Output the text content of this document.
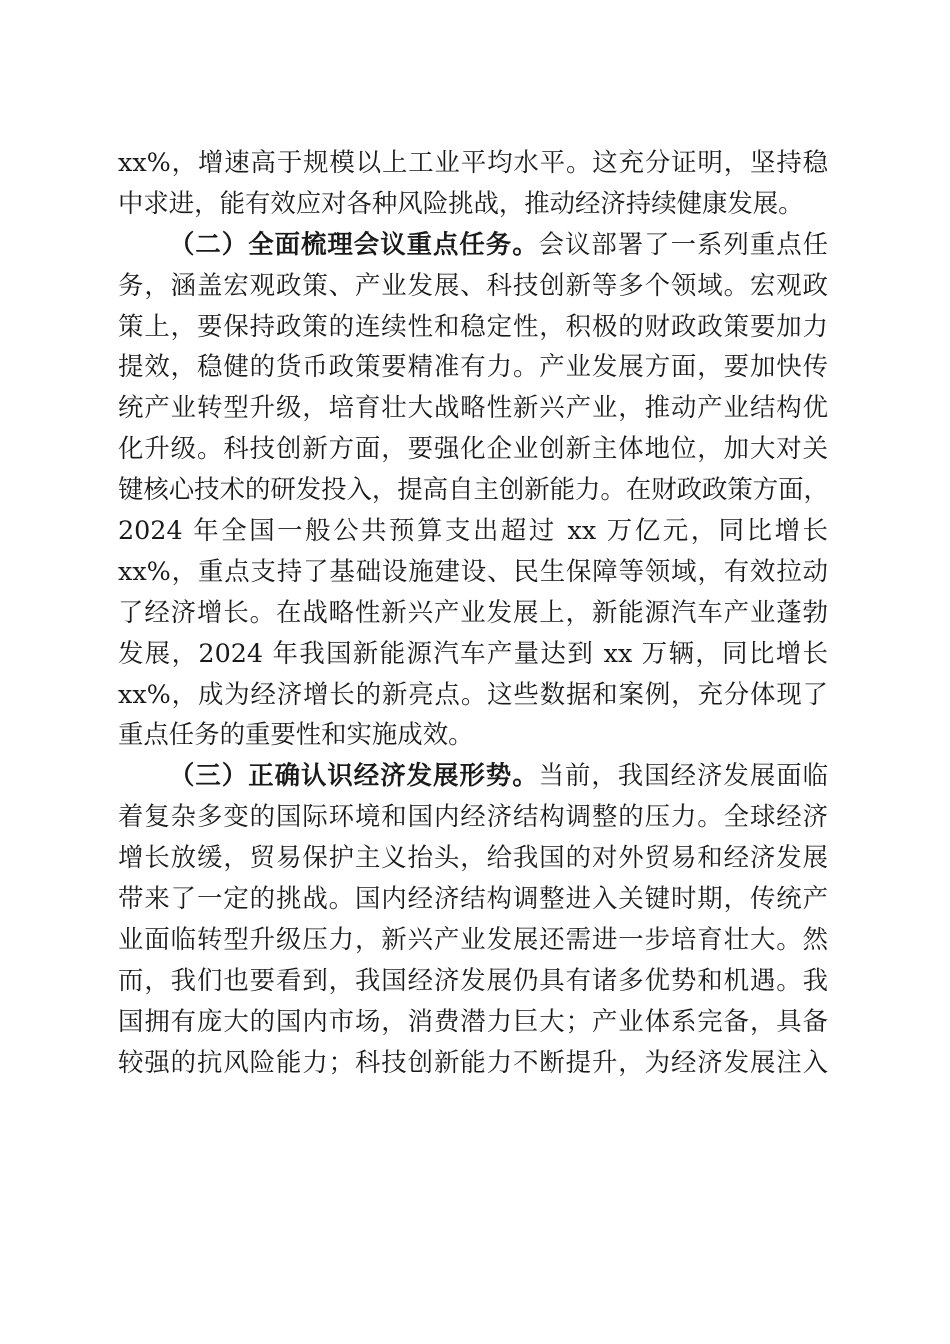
xx%，增速高于规模以上工业平均水平。这充分证明，坚持稳
中求进，能有效应对各种风险挑战，推动经济持续健康发展。
（二）全面梳理会议重点任务。会议部署了一系列重点任
务，涵盖宏观政策、产业发展、科技创新等多个领域。宏观政
策上，要保持政策的连续性和稳定性，积极的财政政策要加力
提效，稳健的货币政策要精准有力。产业发展方面，要加快传
统产业转型升级，培育壮大战略性新兴产业，推动产业结构优
化升级。科技创新方面，要强化企业创新主体地位，加大对关
键核心技术的研发投入，提高自主创新能力。在财政政策方面，
2024 年全国一般公共预算支出超过 xx 万亿元，同比增长
xx%，重点支持了基础设施建设、民生保障等领域，有效拉动
了经济增长。在战略性新兴产业发展上，新能源汽车产业蓬勃
发展，2024 年我国新能源汽车产量达到 xx 万辆，同比增长
xx%，成为经济增长的新亮点。这些数据和案例，充分体现了
重点任务的重要性和实施成效。
（三）正确认识经济发展形势。当前，我国经济发展面临
着复杂多变的国际环境和国内经济结构调整的压力。全球经济
增长放缓，贸易保护主义抬头，给我国的对外贸易和经济发展
带来了一定的挑战。国内经济结构调整进入关键时期，传统产
业面临转型升级压力，新兴产业发展还需进一步培育壮大。然
而，我们也要看到，我国经济发展仍具有诸多优势和机遇。我
国拥有庞大的国内市场，消费潜力巨大；产业体系完备，具备
较强的抗风险能力；科技创新能力不断提升，为经济发展注入
